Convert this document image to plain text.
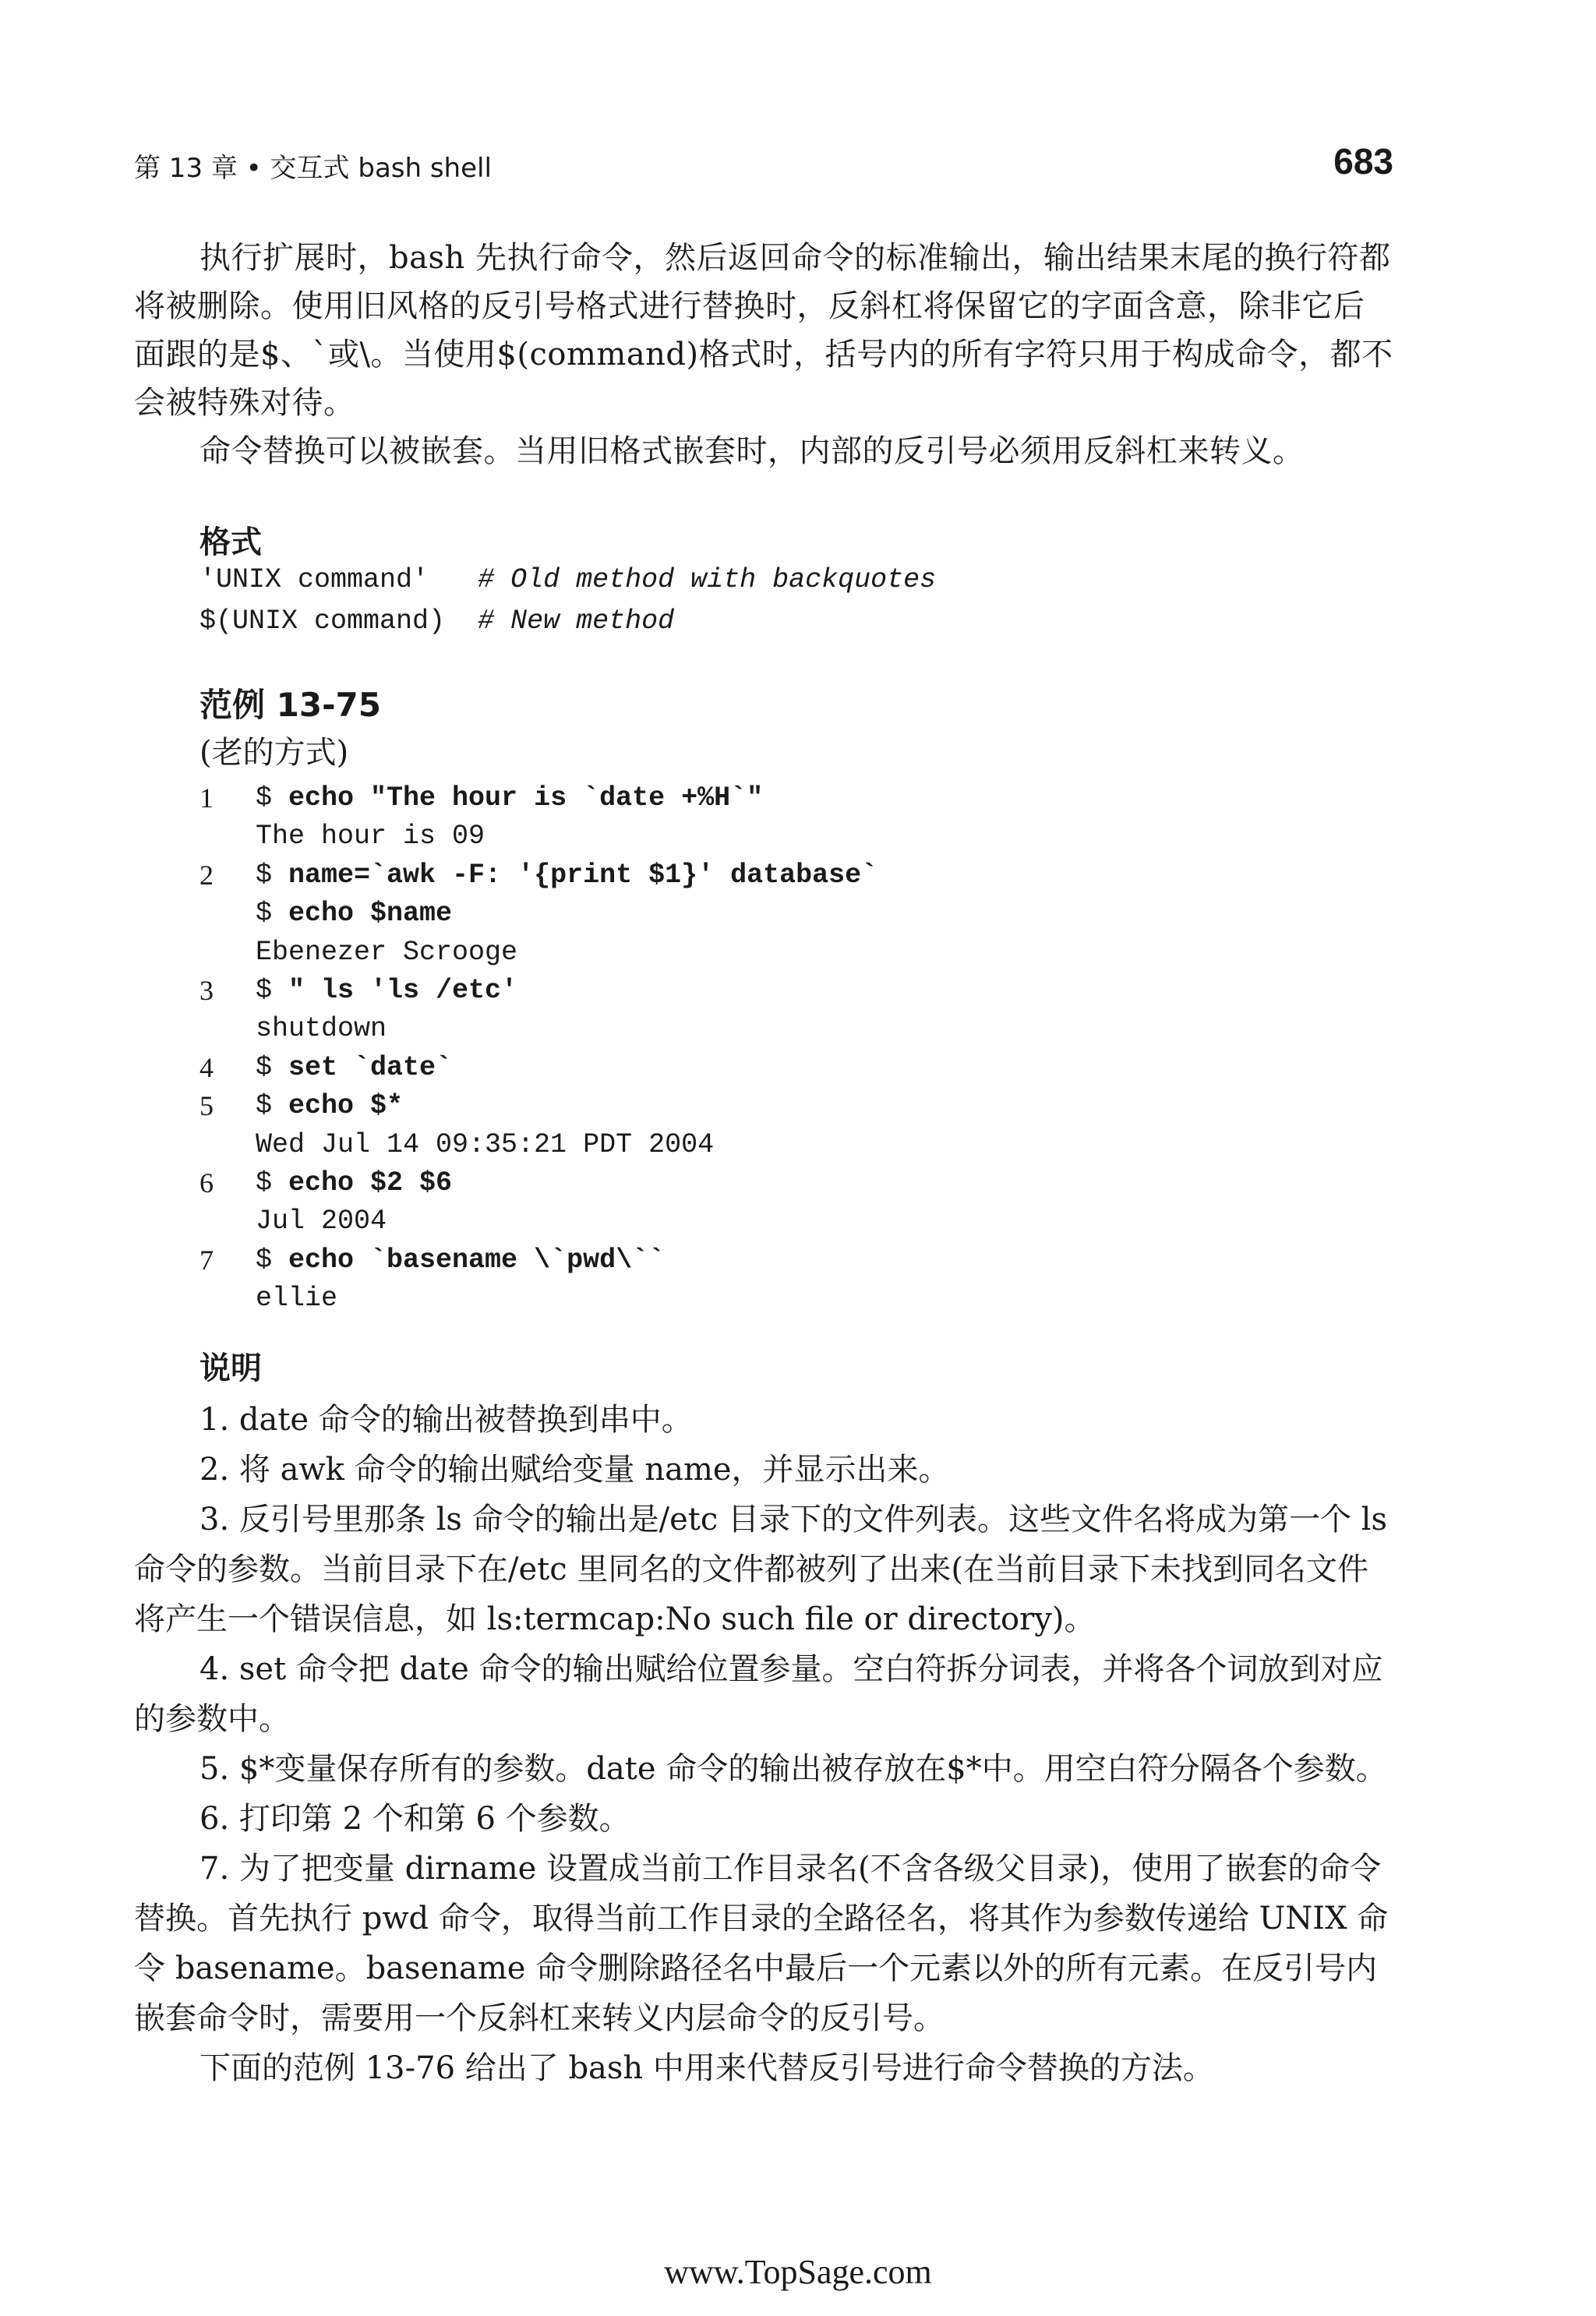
第 13 章 • 交互式 bash shell	683

执行扩展时，bash 先执行命令，然后返回命令的标准输出，输出结果末尾的换行符都将被删除。使用旧风格的反引号格式进行替换时，反斜杠将保留它的字面含意，除非它后面跟的是$、`或\。当使用$(command)格式时，括号内的所有字符只用于构成命令，都不会被特殊对待。

命令替换可以被嵌套。当用旧格式嵌套时，内部的反引号必须用反斜杠来转义。

格式
'UNIX command'   # Old method with backquotes
$(UNIX command)  # New method
范例 13-75
(老的方式)
1	$ echo "The hour is `date +%H`"
The hour is 09
2	$ name=`awk -F: '{print $1}' database`
$ echo $name
Ebenezer Scrooge
3	$ " ls 'ls /etc'
shutdown
4	$ set `date`
5	$ echo $*
Wed Jul 14 09:35:21 PDT 2004
6	$ echo $2 $6
Jul 2004
7	$ echo `basename \`pwd\``
ellie
说明

1. date 命令的输出被替换到串中。

2. 将 awk 命令的输出赋给变量 name，并显示出来。

3. 反引号里那条 ls 命令的输出是/etc 目录下的文件列表。这些文件名将成为第一个 ls 命令的参数。当前目录下在/etc 里同名的文件都被列了出来(在当前目录下未找到同名文件将产生一个错误信息，如 ls:termcap:No such file or directory)。

4. set 命令把 date 命令的输出赋给位置参量。空白符拆分词表，并将各个词放到对应的参数中。

5. $*变量保存所有的参数。date 命令的输出被存放在$*中。用空白符分隔各个参数。

6. 打印第 2 个和第 6 个参数。

7. 为了把变量 dirname 设置成当前工作目录名(不含各级父目录)，使用了嵌套的命令替换。首先执行 pwd 命令，取得当前工作目录的全路径名，将其作为参数传递给 UNIX 命令 basename。basename 命令删除路径名中最后一个元素以外的所有元素。在反引号内嵌套命令时，需要用一个反斜杠来转义内层命令的反引号。

下面的范例 13-76 给出了 bash 中用来代替反引号进行命令替换的方法。

www.TopSage.com
